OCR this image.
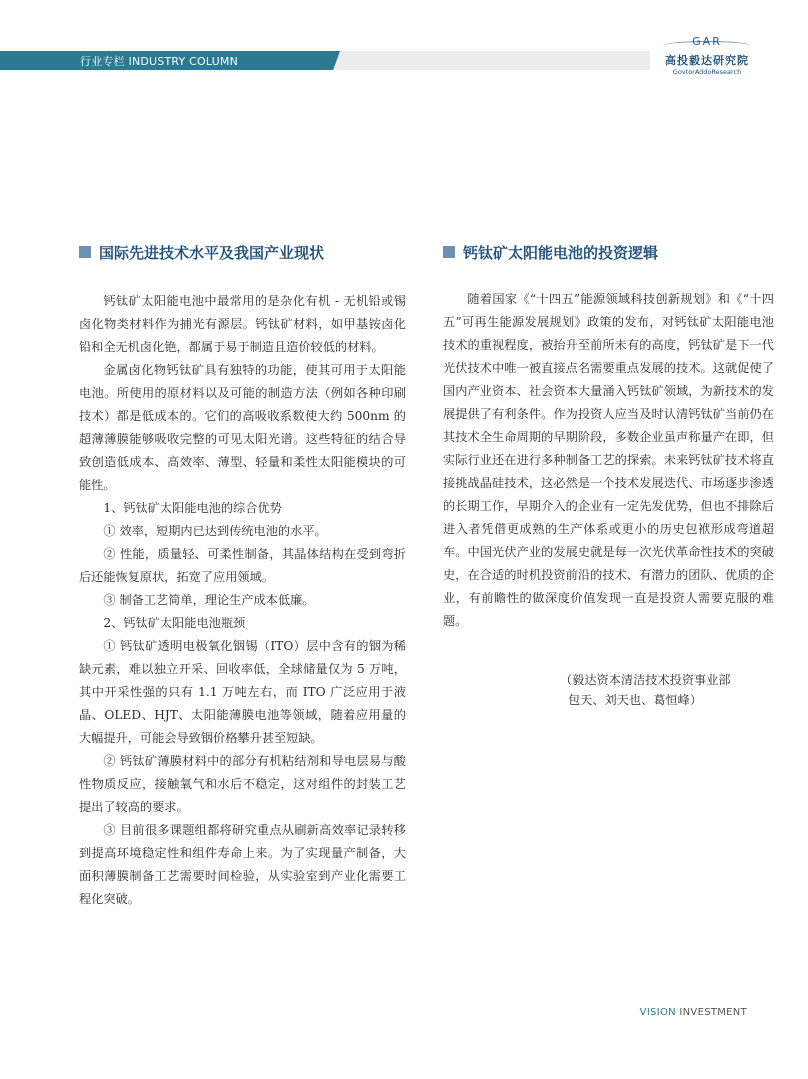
行业专栏 INDUSTRY COLUMN
GAR
高投毅达研究院
GovtorAddoResearch
国际先进技术水平及我国产业现状	钙钛矿太阳能电池的投资逻辑

钙钛矿太阳能电池中最常用的是杂化有机 - 无机铅或锡卤化物类材料作为捕光有源层。钙钛矿材料，如甲基铵卤化铅和全无机卤化铯，都属于易于制造且造价较低的材料。

金属卤化物钙钛矿具有独特的功能，使其可用于太阳能电池。所使用的原材料以及可能的制造方法（例如各种印刷技术）都是低成本的。它们的高吸收系数使大约 500nm 的超薄薄膜能够吸收完整的可见太阳光谱。这些特征的结合导致创造低成本、高效率、薄型、轻量和柔性太阳能模块的可能性。

1、钙钛矿太阳能电池的综合优势

① 效率，短期内已达到传统电池的水平。

② 性能，质量轻、可柔性制备，其晶体结构在受到弯折后还能恢复原状，拓宽了应用领域。

③ 制备工艺简单，理论生产成本低廉。

2、钙钛矿太阳能电池瓶颈

① 钙钛矿透明电极氧化铟锡（ITO）层中含有的铟为稀缺元素，难以独立开采、回收率低，全球储量仅为 5 万吨，其中开采性强的只有 1.1 万吨左右，而 ITO 广泛应用于液晶、OLED、HJT、太阳能薄膜电池等领域，随着应用量的大幅提升，可能会导致铟价格攀升甚至短缺。

② 钙钛矿薄膜材料中的部分有机粘结剂和导电层易与酸性物质反应，接触氧气和水后不稳定，这对组件的封装工艺提出了较高的要求。

③ 目前很多课题组都将研究重点从刷新高效率记录转移到提高环境稳定性和组件寿命上来。为了实现量产制备，大面积薄膜制备工艺需要时间检验，从实验室到产业化需要工程化突破。

随着国家《“十四五”能源领域科技创新规划》和《“十四五”可再生能源发展规划》政策的发布，对钙钛矿太阳能电池技术的重视程度，被抬升至前所未有的高度，钙钛矿是下一代光伏技术中唯一被直接点名需要重点发展的技术。这就促使了国内产业资本、社会资本大量涌入钙钛矿领域，为新技术的发展提供了有利条件。作为投资人应当及时认清钙钛矿当前仍在其技术全生命周期的早期阶段，多数企业虽声称量产在即，但实际行业还在进行多种制备工艺的探索。未来钙钛矿技术将直接挑战晶硅技术，这必然是一个技术发展迭代、市场逐步渗透的长期工作，早期介入的企业有一定先发优势，但也不排除后进入者凭借更成熟的生产体系或更小的历史包袱形成弯道超车。中国光伏产业的发展史就是每一次光伏革命性技术的突破史，在合适的时机投资前沿的技术、有潜力的团队、优质的企业，有前瞻性的做深度价值发现一直是投资人需要克服的难题。

（毅达资本清洁技术投资事业部
包天、刘天也、葛恒峰）
VISION INVESTMENT
